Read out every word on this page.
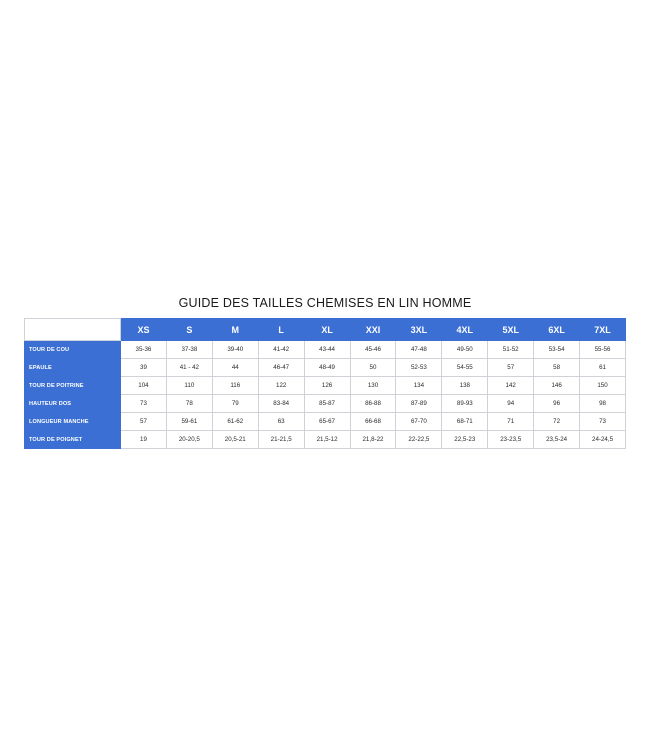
GUIDE DES TAILLES CHEMISES EN LIN HOMME
	XS	S	M	L	XL	XXI	3XL	4XL	5XL	6XL	7XL
TOUR DE COU	35-36	37-38	39-40	41-42	43-44	45-46	47-48	49-50	51-52	53-54	55-56
EPAULE	39	41 - 42	44	46-47	48-49	50	52-53	54-55	57	58	61
TOUR DE POITRINE	104	110	116	122	126	130	134	138	142	146	150
HAUTEUR DOS	73	78	79	83-84	85-87	86-88	87-89	89-93	94	96	98
LONGUEUR MANCHE	57	59-61	61-62	63	65-67	66-68	67-70	68-71	71	72	73
TOUR DE POIGNET	19	20-20,5	20,5-21	21-21,5	21,5-12	21,8-22	22-22,5	22,5-23	23-23,5	23,5-24	24-24,5
